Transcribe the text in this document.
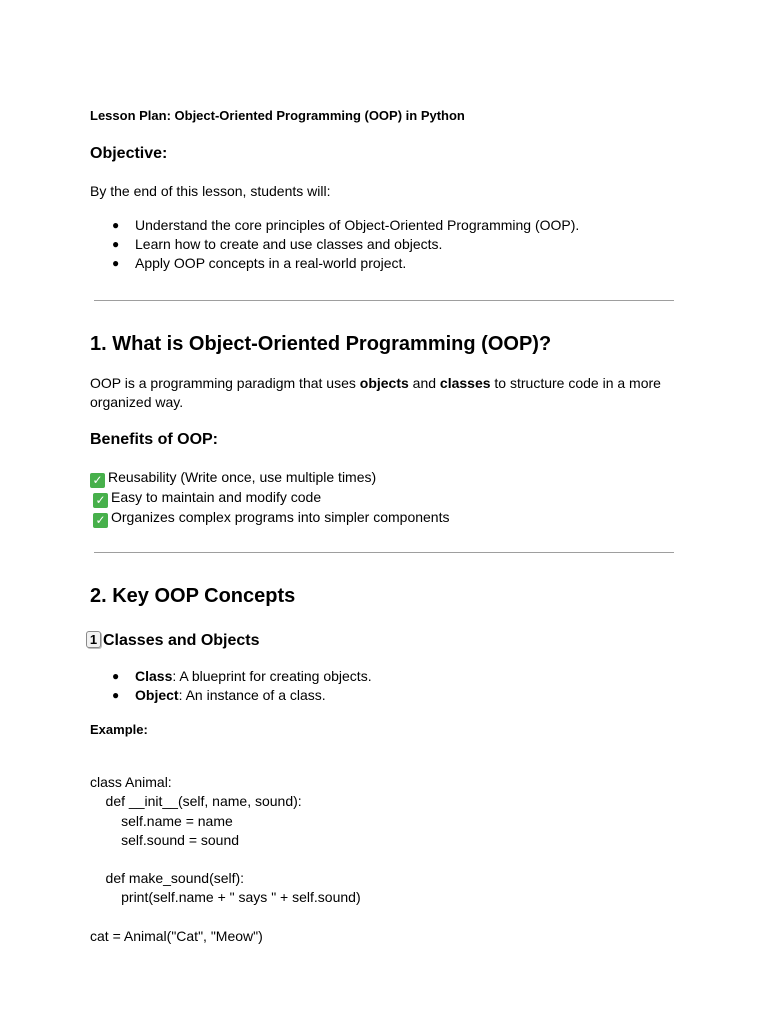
Lesson Plan: Object-Oriented Programming (OOP) in Python
Objective:
By the end of this lesson, students will:
● Understand the core principles of Object-Oriented Programming (OOP).
● Learn how to create and use classes and objects.
● Apply OOP concepts in a real-world project.
1. What is Object-Oriented Programming (OOP)?
OOP is a programming paradigm that uses objects and classes to structure code in a more organized way.
Benefits of OOP:
✓ Reusability (Write once, use multiple times)
✓ Easy to maintain and modify code
✓ Organizes complex programs into simpler components
2. Key OOP Concepts
1 Classes and Objects
● Class: A blueprint for creating objects.
● Object: An instance of a class.
Example:

class Animal:
def __init__(self, name, sound):
self.name = name
self.sound = sound
def make_sound(self):
print(self.name + " says " + self.sound)
cat = Animal("Cat", "Meow")
